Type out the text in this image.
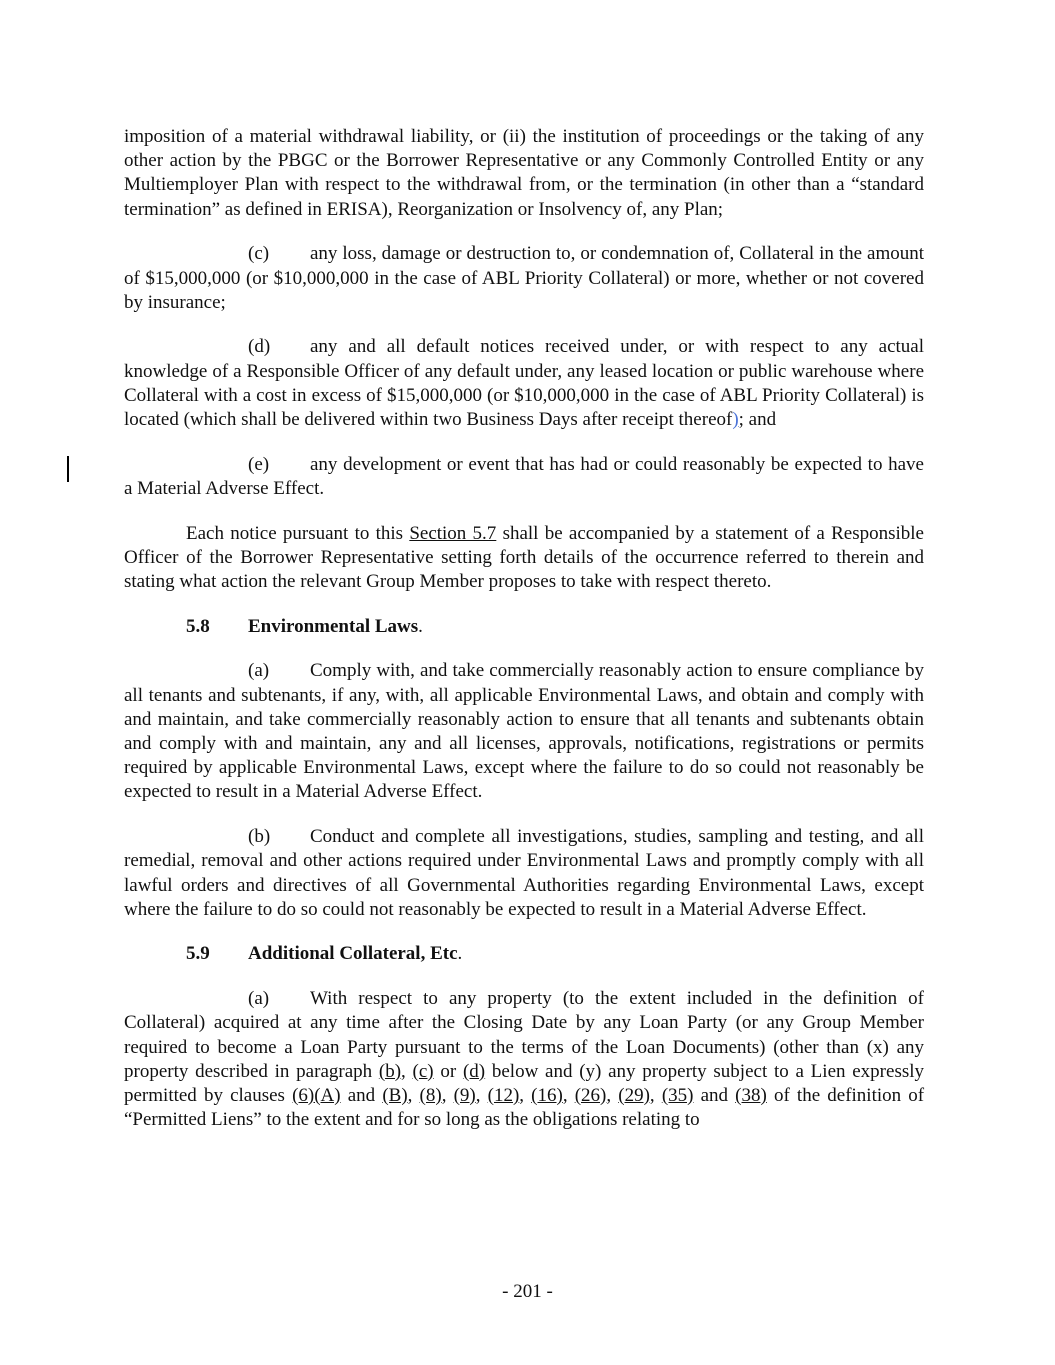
imposition of a material withdrawal liability, or (ii) the institution of proceedings or the taking of any other action by the PBGC or the Borrower Representative or any Commonly Controlled Entity or any Multiemployer Plan with respect to the withdrawal from, or the termination (in other than a “standard termination” as defined in ERISA), Reorganization or Insolvency of, any Plan;

(c) any loss, damage or destruction to, or condemnation of, Collateral in the amount of $15,000,000 (or $10,000,000 in the case of ABL Priority Collateral) or more, whether or not covered by insurance;

(d) any and all default notices received under, or with respect to any actual knowledge of a Responsible Officer of any default under, any leased location or public warehouse where Collateral with a cost in excess of $15,000,000 (or $10,000,000 in the case of ABL Priority Collateral) is located (which shall be delivered within two Business Days after receipt thereof); and

(e) any development or event that has had or could reasonably be expected to have a Material Adverse Effect.

Each notice pursuant to this Section 5.7 shall be accompanied by a statement of a Responsible Officer of the Borrower Representative setting forth details of the occurrence referred to therein and stating what action the relevant Group Member proposes to take with respect thereto.

5.8 Environmental Laws.

(a) Comply with, and take commercially reasonably action to ensure compliance by all tenants and subtenants, if any, with, all applicable Environmental Laws, and obtain and comply with and maintain, and take commercially reasonably action to ensure that all tenants and subtenants obtain and comply with and maintain, any and all licenses, approvals, notifications, registrations or permits required by applicable Environmental Laws, except where the failure to do so could not reasonably be expected to result in a Material Adverse Effect.

(b) Conduct and complete all investigations, studies, sampling and testing, and all remedial, removal and other actions required under Environmental Laws and promptly comply with all lawful orders and directives of all Governmental Authorities regarding Environmental Laws, except where the failure to do so could not reasonably be expected to result in a Material Adverse Effect.

5.9 Additional Collateral, Etc.

(a) With respect to any property (to the extent included in the definition of Collateral) acquired at any time after the Closing Date by any Loan Party (or any Group Member required to become a Loan Party pursuant to the terms of the Loan Documents) (other than (x) any property described in paragraph (b), (c) or (d) below and (y) any property subject to a Lien expressly permitted by clauses (6)(A) and (B), (8), (9), (12), (16), (26), (29), (35) and (38) of the definition of “Permitted Liens” to the extent and for so long as the obligations relating to

- 201 -
